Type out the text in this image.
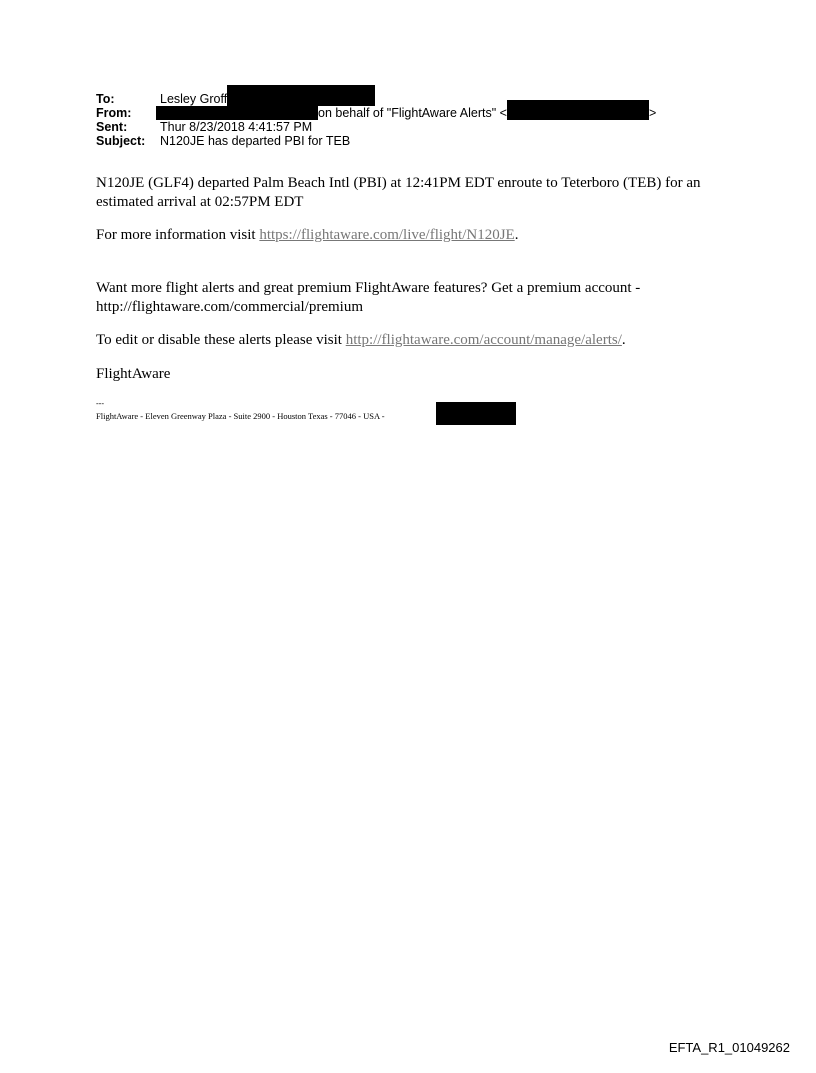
To:	Lesley Groff
From:	on behalf of "FlightAware Alerts" <	>
Sent:	Thur 8/23/2018 4:41:57 PM
Subject: N120JE has departed PBI for TEB
N120JE (GLF4) departed Palm Beach Intl (PBI) at 12:41PM EDT enroute to Teterboro (TEB) for an estimated arrival at 02:57PM EDT
For more information visit https://flightaware.com/live/flight/N120JE.
Want more flight alerts and great premium FlightAware features? Get a premium account - http://flightaware.com/commercial/premium
To edit or disable these alerts please visit http://flightaware.com/account/manage/alerts/.
FlightAware
---
FlightAware - Eleven Greenway Plaza - Suite 2900 - Houston Texas - 77046 - USA -
EFTA_R1_01049262
